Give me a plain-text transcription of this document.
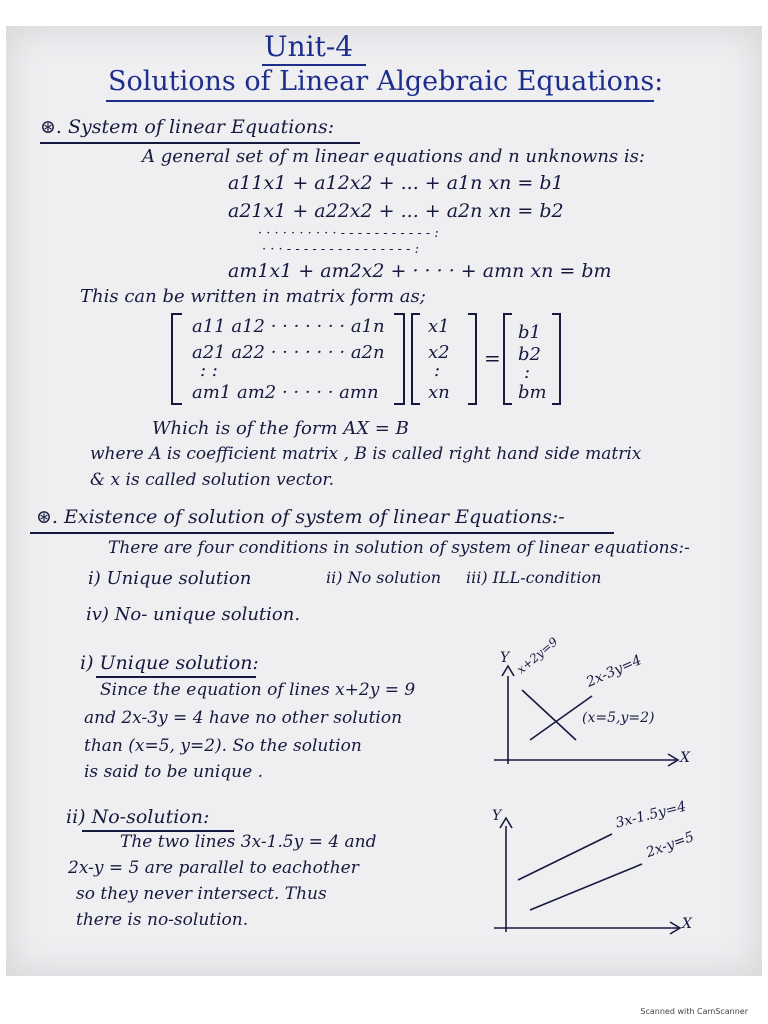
Unit-4
Solutions of Linear Algebraic Equations:
⊛. System of linear Equations:
A general set of m linear equations and n unknowns is:
a11x1 + a12x2 + ... + a1n xn = b1
a21x1 + a22x2 + ... + a2n xn = b2
· · · · · · · · · · - - - - - - - - - - - :
· · · - - - - - - - - - - - - - - - :
am1x1 + am2x2 + · · · · + amn xn = bm
This can be written in matrix form as;
a11 a12 · · · · · · · a1n
a21 a22 · · · · · · · a2n
: :
am1 am2 · · · · · amn
x1
x2
:
xn
=
b1
b2
:
bm
Which is of the form AX = B
where A is coefficient matrix , B is called right hand side matrix
& x is called solution vector.
⊛. Existence of solution of system of linear Equations:-
There are four conditions in solution of system of linear equations:-
i) Unique solution	ii) No solution iii) ILL-condition
iv) No- unique solution.
i) Unique solution:
Since the equation of lines x+2y = 9
and 2x-3y = 4 have no other solution
than (x=5, y=2). So the solution
is said to be unique .
Y
X
x+2y=9 2x-3y=4
(x=5,y=2)
ii) No-solution:
The two lines 3x-1.5y = 4 and
2x-y = 5 are parallel to eachother
so they never intersect. Thus
there is no-solution.
Y
X
3x-1.5y=4
2x-y=5
Scanned with CamScanner
